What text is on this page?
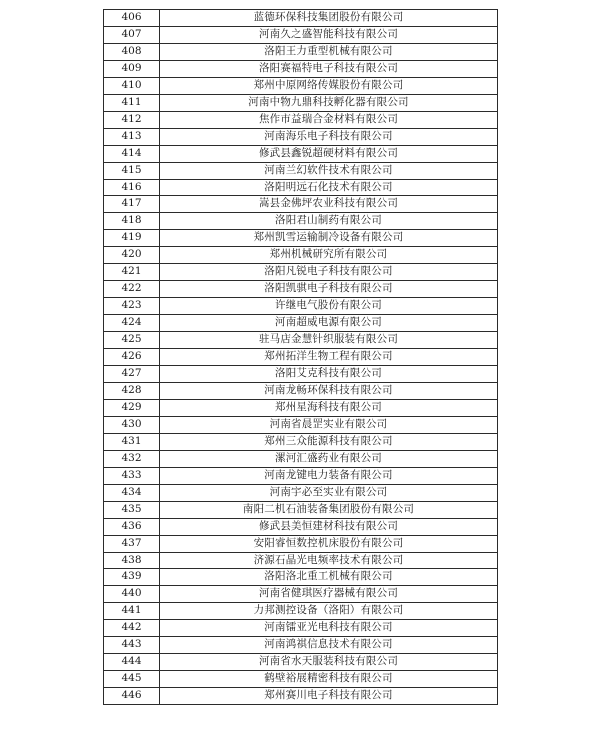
406	蓝德环保科技集团股份有限公司
407	河南久之盛智能科技有限公司
408	洛阳王力重型机械有限公司
409	洛阳赛福特电子科技有限公司
410	郑州中原网络传媒股份有限公司
411	河南中物九鼎科技孵化器有限公司
412	焦作市益瑞合金材料有限公司
413	河南海乐电子科技有限公司
414	修武县鑫锐超硬材料有限公司
415	河南兰幻软件技术有限公司
416	洛阳明远石化技术有限公司
417	嵩县金佛坪农业科技有限公司
418	洛阳君山制药有限公司
419	郑州凯雪运输制冷设备有限公司
420	郑州机械研究所有限公司
421	洛阳凡锐电子科技有限公司
422	洛阳凯骐电子科技有限公司
423	许继电气股份有限公司
424	河南超威电源有限公司
425	驻马店金慧针织服装有限公司
426	郑州拓洋生物工程有限公司
427	洛阳艾克科技有限公司
428	河南龙畅环保科技有限公司
429	郑州星海科技有限公司
430	河南省晨罡实业有限公司
431	郑州三众能源科技有限公司
432	漯河汇盛药业有限公司
433	河南龙键电力装备有限公司
434	河南宇必至实业有限公司
435	南阳二机石油装备集团股份有限公司
436	修武县美恒建材科技有限公司
437	安阳睿恒数控机床股份有限公司
438	济源石晶光电频率技术有限公司
439	洛阳洛北重工机械有限公司
440	河南省健琪医疗器械有限公司
441	力邦测控设备（洛阳）有限公司
442	河南镭亚光电科技有限公司
443	河南鸿祺信息技术有限公司
444	河南省水天服装科技有限公司
445	鹤壁裕展精密科技有限公司
446	郑州赛川电子科技有限公司
